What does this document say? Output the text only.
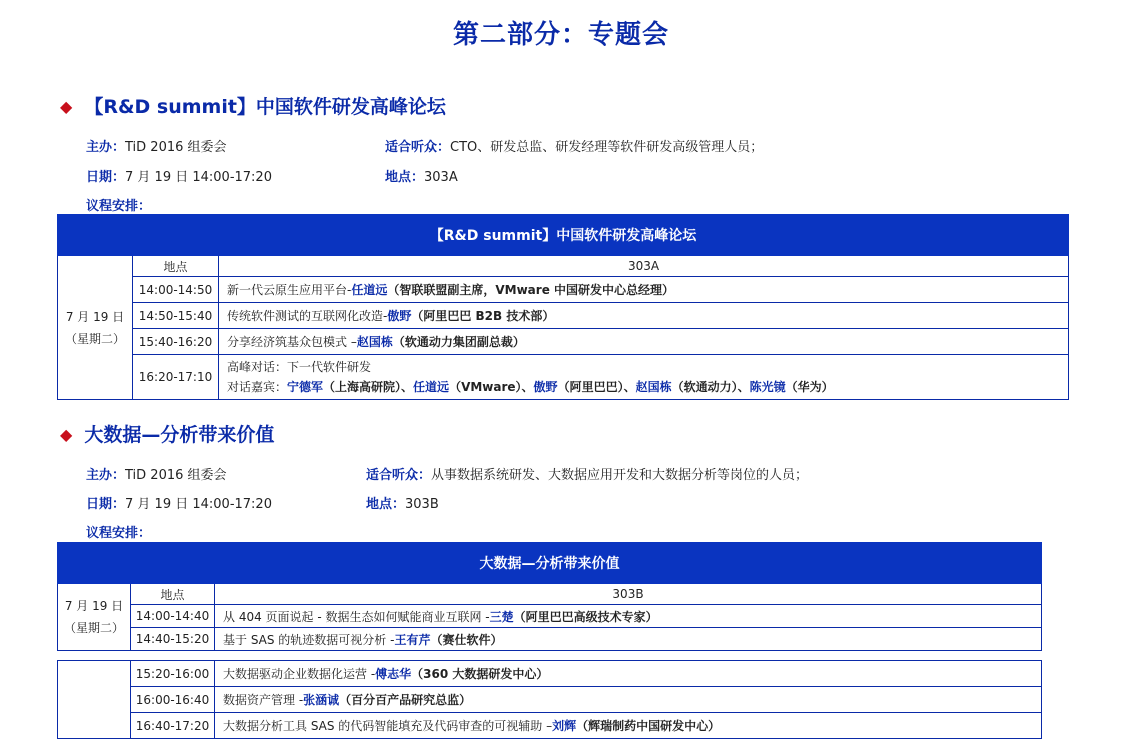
第二部分：专题会
◆ 【R&D summit】中国软件研发高峰论坛
主办：TiD 2016 组委会	适合听众：CTO、研发总监、研发经理等软件研发高级管理人员；
日期：7 月 19 日 14:00-17:20	地点：303A
议程安排：
【R&D summit】中国软件研发高峰论坛		

7 月 19 日
（星期二）	地点	303A
	14:00-14:50	新一代云原生应用平台-任道远（智联联盟副主席，VMware 中国研发中心总经理）
	14:50-15:40	传统软件测试的互联网化改造-傲野（阿里巴巴 B2B 技术部）
	15:40-16:20	分享经济筑基众包模式 –赵国栋（软通动力集团副总裁）
	16:20-17:10	高峰对话：下一代软件研发
对话嘉宾：宁德军（上海高研院）、任道远（VMware）、傲野（阿里巴巴）、赵国栋（软通动力）、陈光镜（华为）
◆ 大数据—分析带来价值
主办：TiD 2016 组委会	适合听众：从事数据系统研发、大数据应用开发和大数据分析等岗位的人员；
日期：7 月 19 日 14:00-17:20	地点：303B
议程安排：
大数据—分析带来价值		

7 月 19 日
（星期二）	地点	303B
	14:00-14:40	从 404 页面说起 - 数据生态如何赋能商业互联网 -三楚（阿里巴巴高级技术专家）
	14:40-15:20	基于 SAS 的轨迹数据可视分析 -王有芹（赛仕软件）
	15:20-16:00	大数据驱动企业数据化运营 -傅志华（360 大数据研发中心）
	16:00-16:40	数据资产管理 -张涵诚（百分百产品研究总监）
	16:40-17:20	大数据分析工具 SAS 的代码智能填充及代码审查的可视辅助 –刘辉（辉瑞制药中国研发中心）
